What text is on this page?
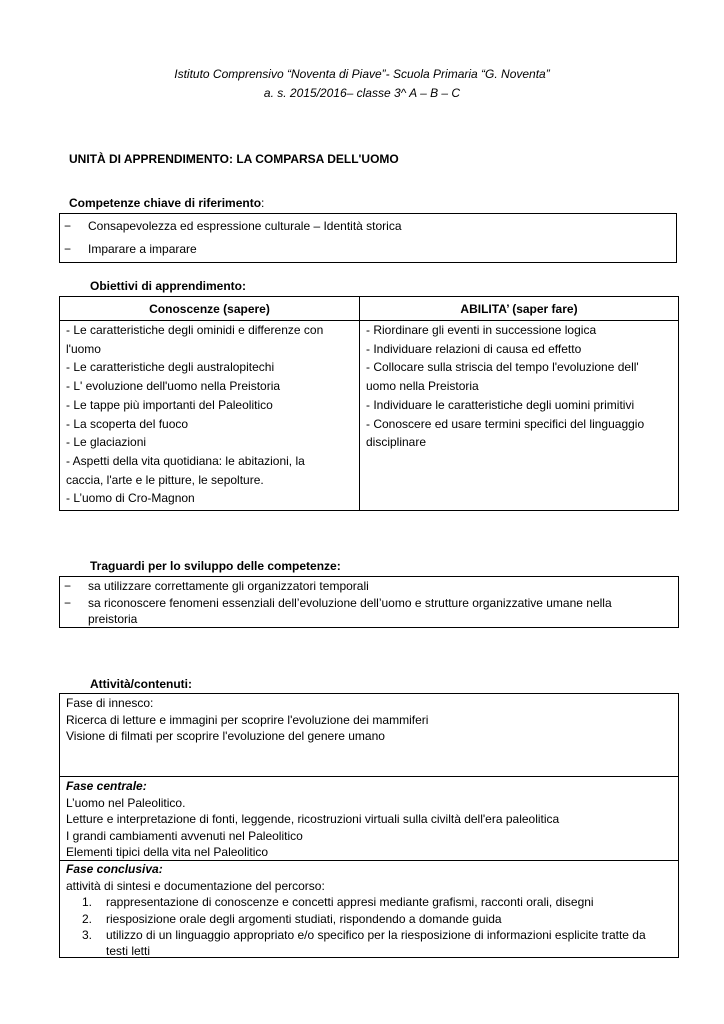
Istituto Comprensivo “Noventa di Piave”- Scuola Primaria “G. Noventa”
a. s. 2015/2016– classe 3^ A – B – C
UNITÀ DI APPRENDIMENTO: LA COMPARSA DELL'UOMO
Competenze chiave di riferimento:
− Consapevolezza ed espressione culturale – Identità storica
− Imparare a imparare
Obiettivi di apprendimento:
Conoscenze (sapere)	ABILITA’ (saper fare)
- Le caratteristiche degli ominidi e differenze con
l'uomo
- Le caratteristiche degli australopitechi
- L' evoluzione dell'uomo nella Preistoria
- Le tappe più importanti del Paleolitico
- La scoperta del fuoco
- Le glaciazioni
- Aspetti della vita quotidiana: le abitazioni, la
caccia, l'arte e le pitture, le sepolture.
- L’uomo di Cro-Magnon
- Riordinare gli eventi in successione logica
- Individuare relazioni di causa ed effetto
- Collocare sulla striscia del tempo l'evoluzione dell'
uomo nella Preistoria
- Individuare le caratteristiche degli uomini primitivi
- Conoscere ed usare termini specifici del linguaggio
disciplinare
Traguardi per lo sviluppo delle competenze:
− sa utilizzare correttamente gli organizzatori temporali
− sa riconoscere fenomeni essenziali dell’evoluzione dell’uomo e strutture organizzative umane nella
preistoria
Attività/contenuti:
Fase di innesco:
Ricerca di letture e immagini per scoprire l'evoluzione dei mammiferi
Visione di filmati per scoprire l'evoluzione del genere umano
Fase centrale:
L’uomo nel Paleolitico.
Letture e interpretazione di fonti, leggende, ricostruzioni virtuali sulla civiltà dell'era paleolitica
I grandi cambiamenti avvenuti nel Paleolitico
Elementi tipici della vita nel Paleolitico
Fase conclusiva:
attività di sintesi e documentazione del percorso:
1. rappresentazione di conoscenze e concetti appresi mediante grafismi, racconti orali, disegni
2. riesposizione orale degli argomenti studiati, rispondendo a domande guida
3. utilizzo di un linguaggio appropriato e/o specifico per la riesposizione di informazioni esplicite tratte da
testi letti
